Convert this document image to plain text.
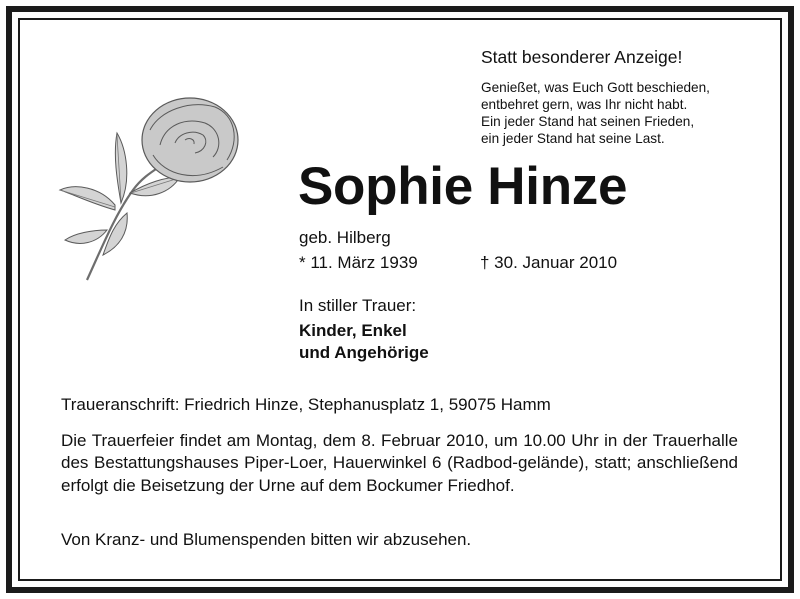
Statt besonderer Anzeige!
Genießet, was Euch Gott beschieden,
entbehret gern, was Ihr nicht habt.
Ein jeder Stand hat seinen Frieden,
ein jeder Stand hat seine Last.
Sophie Hinze
geb. Hilberg
* 11. März 1939	† 30. Januar 2010
In stiller Trauer:
Kinder, Enkel
und Angehörige
Traueranschrift: Friedrich Hinze, Stephanusplatz 1, 59075 Hamm
Die Trauerfeier findet am Montag, dem 8. Februar 2010, um 10.00 Uhr in der Trauerhalle des Bestattungshauses Piper-Loer, Hauerwinkel 6 (Radbod-gelände), statt; anschließend erfolgt die Beisetzung der Urne auf dem Bockumer Friedhof.
Von Kranz- und Blumenspenden bitten wir abzusehen.
